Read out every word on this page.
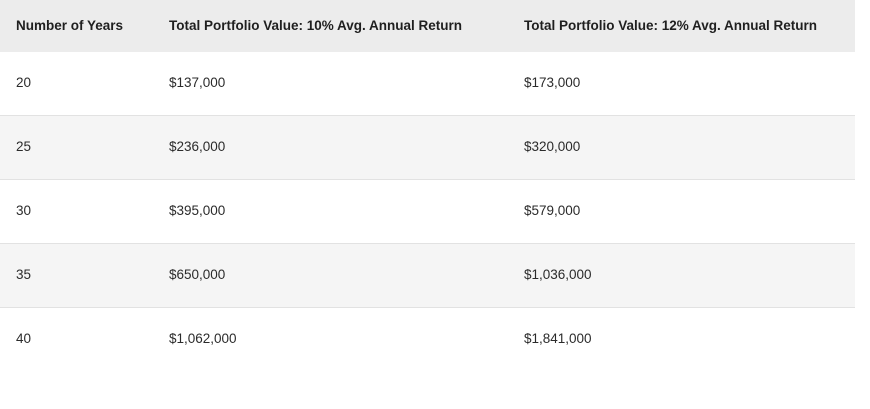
Number of Years	Total Portfolio Value: 10% Avg. Annual Return	Total Portfolio Value: 12% Avg. Annual Return
20	$137,000	$173,000
25	$236,000	$320,000
30	$395,000	$579,000
35	$650,000	$1,036,000
40	$1,062,000	$1,841,000
